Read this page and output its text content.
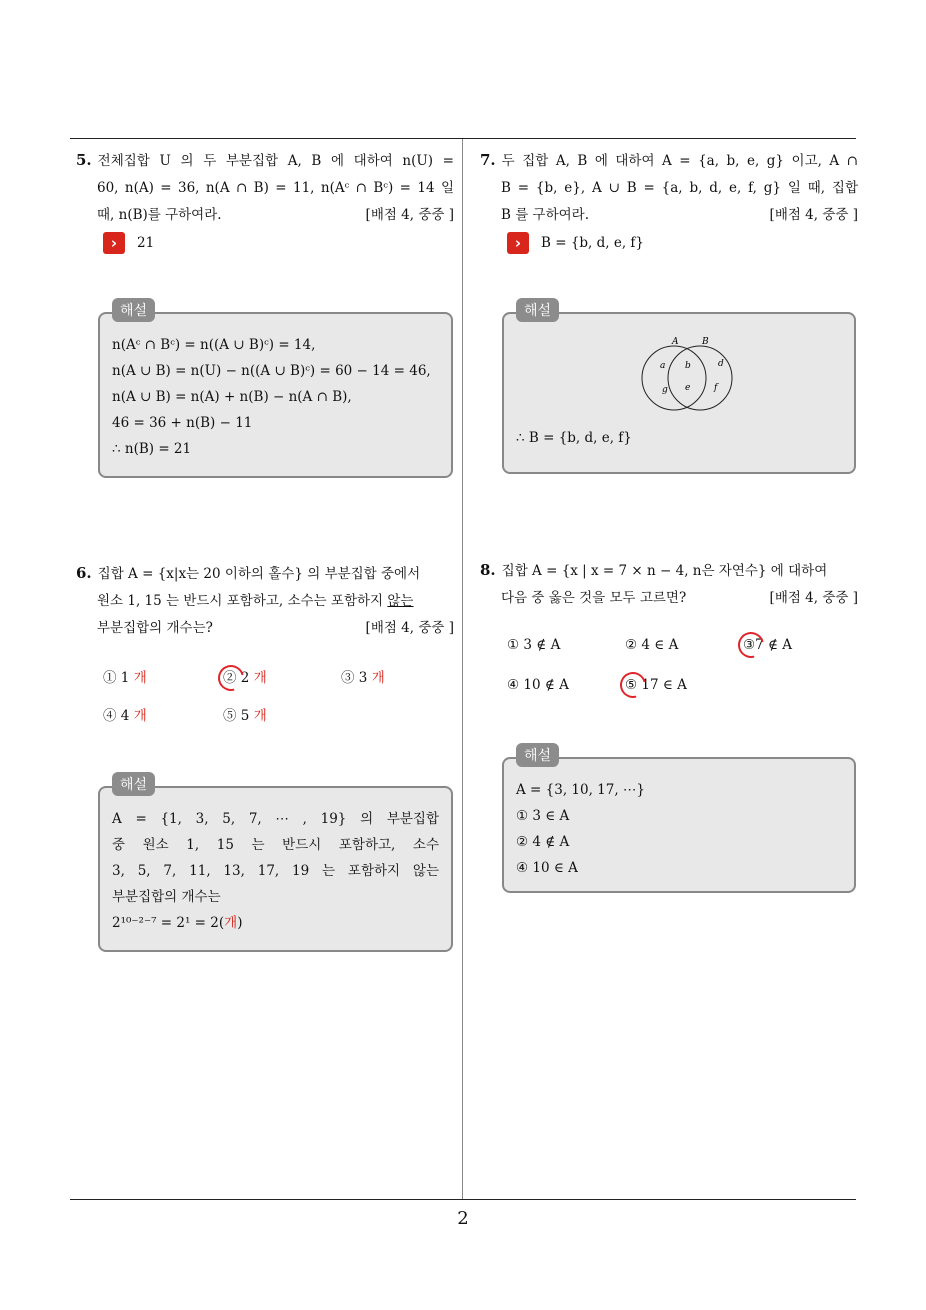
2
5. 전체집합 U 의 두 부분집합 A, B 에 대하여 n(U) =
60, n(A) = 36, n(A ∩ B) = 11, n(Aᶜ ∩ Bᶜ) = 14 일
때, n(B)를 구하여라.	[배점 4, 중중 ]
›	21
해설
n(Aᶜ ∩ Bᶜ) = n((A ∪ B)ᶜ) = 14,
n(A ∪ B) = n(U) − n((A ∪ B)ᶜ) = 60 − 14 = 46,
n(A ∪ B) = n(A) + n(B) − n(A ∩ B),
46 = 36 + n(B) − 11
∴ n(B) = 21
6. 집합 A = {x|x는 20 이하의 홀수} 의 부분집합 중에서
원소 1, 15 는 반드시 포함하고, 소수는 포함하지 않는
부분집합의 개수는?	[배점 4, 중중 ]
① 1 개	② 2 개	③ 3 개
④ 4 개	⑤ 5 개
해설
A = {1, 3, 5, 7, ⋯ , 19} 의 부분집합
중 원소 1, 15 는 반드시 포함하고, 소수
3, 5, 7, 11, 13, 17, 19 는 포함하지 않는
부분집합의 개수는
2¹⁰⁻²⁻⁷ = 2¹ = 2(개)
7. 두 집합 A, B 에 대하여 A = {a, b, e, g} 이고, A ∩
B = {b, e}, A ∪ B = {a, b, d, e, f, g} 일 때, 집합
B 를 구하여라.	[배점 4, 중중 ]
›	B = {b, d, e, f}
해설
A	B
a b	d
g e	f
∴ B = {b, d, e, f}
8. 집합 A = {x | x = 7 × n − 4, n은 자연수} 에 대하여
다음 중 옳은 것을 모두 고르면?	[배점 4, 중중 ]
① 3 ∉ A	② 4 ∈ A	③7 ∉ A
④ 10 ∉ A	⑤ 17 ∈ A
해설
A = {3, 10, 17, ⋯}
① 3 ∈ A
② 4 ∉ A
④ 10 ∈ A
